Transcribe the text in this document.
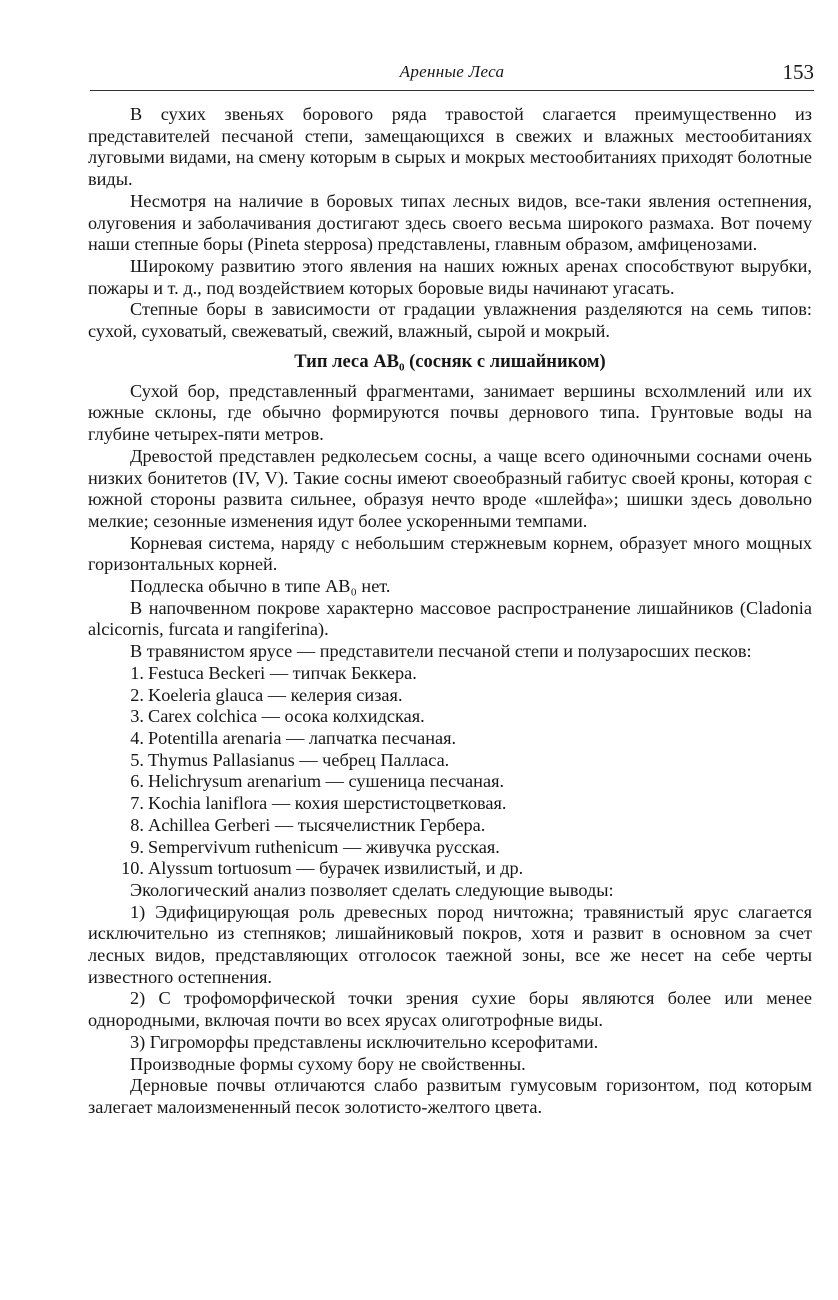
Аренные Леса	153

В сухих звеньях борового ряда травостой слагается преимущественно из представителей песчаной степи, замещающихся в свежих и влажных местообитаниях луговыми видами, на смену которым в сырых и мокрых местообитаниях приходят болотные виды.

Несмотря на наличие в боровых типах лесных видов, все-таки явления остепнения, олуговения и заболачивания достигают здесь своего весьма широкого размаха. Вот почему наши степные боры (Pineta stepposa) представлены, главным образом, амфиценозами.

Широкому развитию этого явления на наших южных аренах способствуют вырубки, пожары и т. д., под воздействием которых боровые виды начинают угасать.

Степные боры в зависимости от градации увлажнения разделяются на семь типов: сухой, суховатый, свежеватый, свежий, влажный, сырой и мокрый.

Тип леса AB₀ (сосняк с лишайником)

Сухой бор, представленный фрагментами, занимает вершины всхолмлений или их южные склоны, где обычно формируются почвы дернового типа. Грунтовые воды на глубине четырех-пяти метров.

Древостой представлен редколесьем сосны, а чаще всего одиночными соснами очень низких бонитетов (IV, V). Такие сосны имеют своеобразный габитус своей кроны, которая с южной стороны развита сильнее, образуя нечто вроде «шлейфа»; шишки здесь довольно мелкие; сезонные изменения идут более ускоренными темпами.

Корневая система, наряду с небольшим стержневым корнем, образует много мощных горизонтальных корней.

Подлеска обычно в типе AB₀ нет.

В напочвенном покрове характерно массовое распространение лишайников (Cladonia alcicornis, furcata и rangiferina).

В травянистом ярусе — представители песчаной степи и полузаросших песков:

1. Festuca Beckeri — типчак Беккера.
2. Koeleria glauca — келерия сизая.
3. Carex colchica — осока колхидская.
4. Potentilla arenaria — лапчатка песчаная.
5. Thymus Pallasianus — чебрец Палласа.
6. Helichrysum arenarium — сушеница песчаная.
7. Kochia laniflora — кохия шерстистоцветковая.
8. Achillea Gerberi — тысячелистник Гербера.
9. Sempervivum ruthenicum — живучка русская.
10. Alyssum tortuosum — бурачек извилистый, и др.

Экологический анализ позволяет сделать следующие выводы:

1) Эдифицирующая роль древесных пород ничтожна; травянистый ярус слагается исключительно из степняков; лишайниковый покров, хотя и развит в основном за счет лесных видов, представляющих отголосок таежной зоны, все же несет на себе черты известного остепнения.

2) С трофоморфической точки зрения сухие боры являются более или менее однородными, включая почти во всех ярусах олиготрофные виды.

3) Гигроморфы представлены исключительно ксерофитами.

Производные формы сухому бору не свойственны.

Дерновые почвы отличаются слабо развитым гумусовым горизонтом, под которым залегает малоизмененный песок золотисто-желтого цвета.
